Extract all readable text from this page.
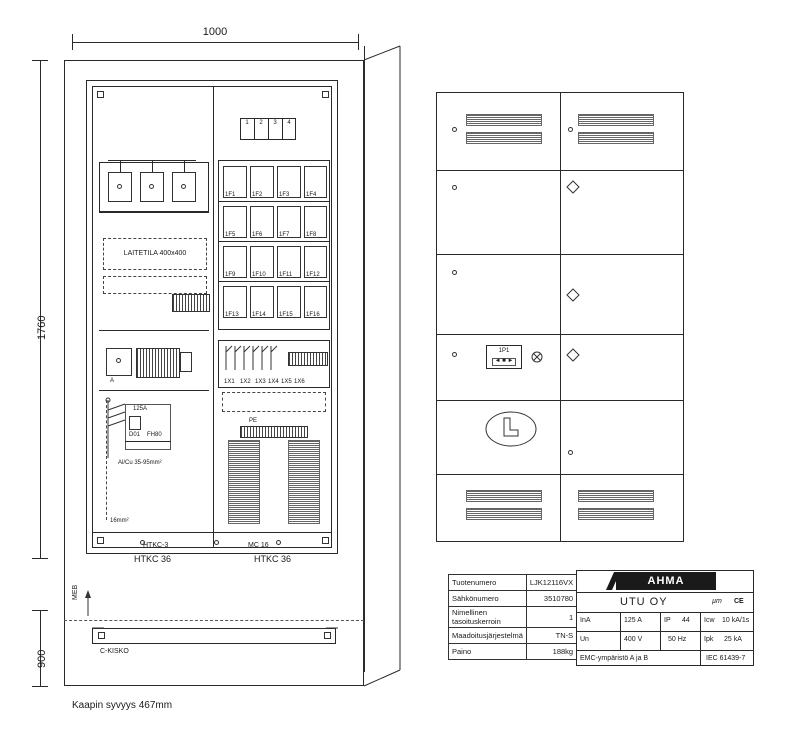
1000
1760
900
LAITETILA 400x400
A
125A
D01 FH80
Al/Cu 35-95mm²
16mm²
1	2	3	4
1F1	1F2	1F3	1F4
1F5	1F6	1F7	1F8
1F9	1F10 1F11 1F12
1F13 1F14 1F15 1F16
1X1 1X2 1X3 1X4 1X5 1X6
PE
HTKC-3	MC 16
HTKC 36	HTKC 36
MEB
C-KISKO
Kaapin syvyys 467mm
1P1
◄ ■ ►
Tuotenumero	LJK12116VX
Sähkönumero	3510780
Nimellinen tasoituskerroin	1
Maadoitusjärjestelmä	TN-S
Paino	188kg
AHMA
UTU OY	µm CE
InA	125 A	IP 44 Icw 10 kA/1s
Un	400 V	50 Hz	Ipk 25 kA
EMC-ympäristö A ja B	IEC 61439-7
